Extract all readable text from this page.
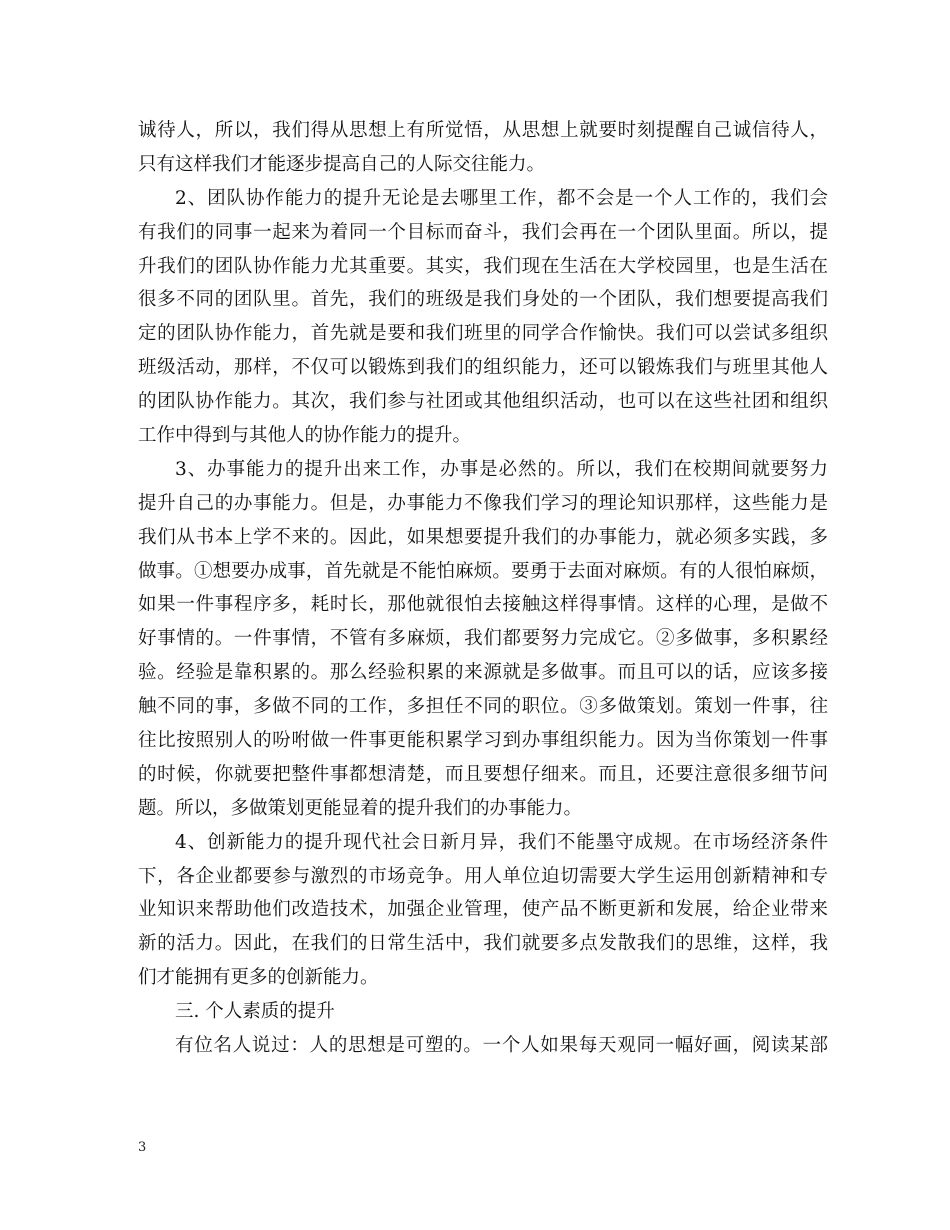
诚待人，所以，我们得从思想上有所觉悟，从思想上就要时刻提醒自己诚信待人，
只有这样我们才能逐步提高自己的人际交往能力。
2、团队协作能力的提升无论是去哪里工作，都不会是一个人工作的，我们会
有我们的同事一起来为着同一个目标而奋斗，我们会再在一个团队里面。所以，提
升我们的团队协作能力尤其重要。其实，我们现在生活在大学校园里，也是生活在
很多不同的团队里。首先，我们的班级是我们身处的一个团队，我们想要提高我们
定的团队协作能力，首先就是要和我们班里的同学合作愉快。我们可以尝试多组织
班级活动，那样，不仅可以锻炼到我们的组织能力，还可以锻炼我们与班里其他人
的团队协作能力。其次，我们参与社团或其他组织活动，也可以在这些社团和组织
工作中得到与其他人的协作能力的提升。
3、办事能力的提升出来工作，办事是必然的。所以，我们在校期间就要努力
提升自己的办事能力。但是，办事能力不像我们学习的理论知识那样，这些能力是
我们从书本上学不来的。因此，如果想要提升我们的办事能力，就必须多实践，多
做事。①想要办成事，首先就是不能怕麻烦。要勇于去面对麻烦。有的人很怕麻烦，
如果一件事程序多，耗时长，那他就很怕去接触这样得事情。这样的心理，是做不
好事情的。一件事情，不管有多麻烦，我们都要努力完成它。②多做事，多积累经
验。经验是靠积累的。那么经验积累的来源就是多做事。而且可以的话，应该多接
触不同的事，多做不同的工作，多担任不同的职位。③多做策划。策划一件事，往
往比按照别人的吩咐做一件事更能积累学习到办事组织能力。因为当你策划一件事
的时候，你就要把整件事都想清楚，而且要想仔细来。而且，还要注意很多细节问
题。所以，多做策划更能显着的提升我们的办事能力。
4、创新能力的提升现代社会日新月异，我们不能墨守成规。在市场经济条件
下，各企业都要参与激烈的市场竞争。用人单位迫切需要大学生运用创新精神和专
业知识来帮助他们改造技术，加强企业管理，使产品不断更新和发展，给企业带来
新的活力。因此，在我们的日常生活中，我们就要多点发散我们的思维，这样，我
们才能拥有更多的创新能力。
三. 个人素质的提升
有位名人说过：人的思想是可塑的。一个人如果每天观同一幅好画，阅读某部
3
